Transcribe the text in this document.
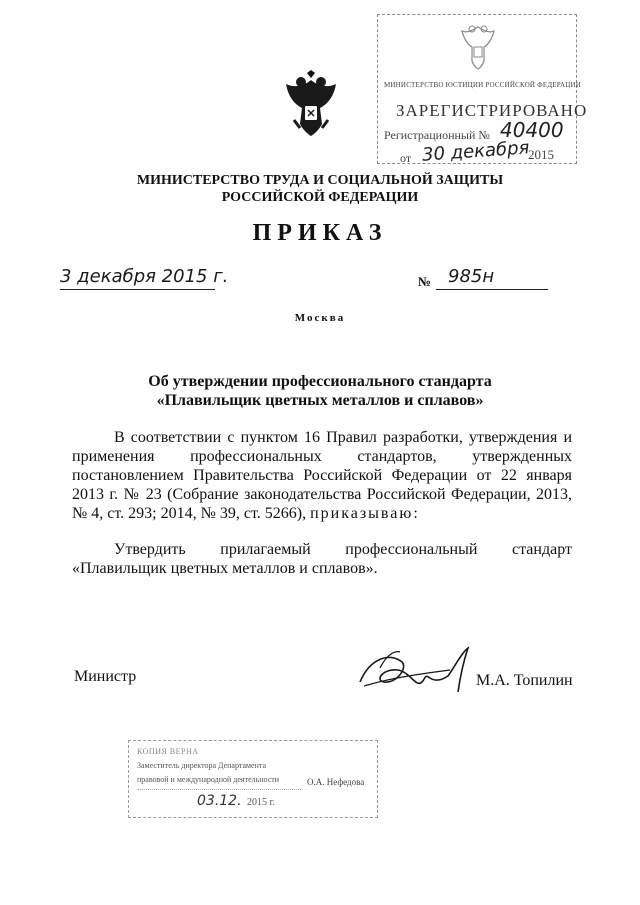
МИНИСТЕРСТВО ЮСТИЦИИ РОССИЙСКОЙ ФЕДЕРАЦИИ
ЗАРЕГИСТРИРОВАНО
Регистрационный № 40400
от 30 декабря
2015
МИНИСТЕРСТВО ТРУДА И СОЦИАЛЬНОЙ ЗАЩИТЫ
РОССИЙСКОЙ ФЕДЕРАЦИИ
ПРИКАЗ
3 декабря 2015 г.	№ 985н
Москва
Об утверждении профессионального стандарта
«Плавильщик цветных металлов и сплавов»
В соответствии с пунктом 16 Правил разработки, утверждения и применения профессиональных стандартов, утвержденных постановлением Правительства Российской Федерации от 22 января 2013 г. № 23 (Собрание законодательства Российской Федерации, 2013, № 4, ст. 293; 2014, № 39, ст. 5266), приказываю:
Утвердить прилагаемый профессиональный стандарт «Плавильщик цветных металлов и сплавов».
Министр	М.А. Топилин
КОПИЯ ВЕРНА
Заместитель директора Департамента
правовой и международной деятельности	О.А. Нефедова
03.12. 2015 г.
